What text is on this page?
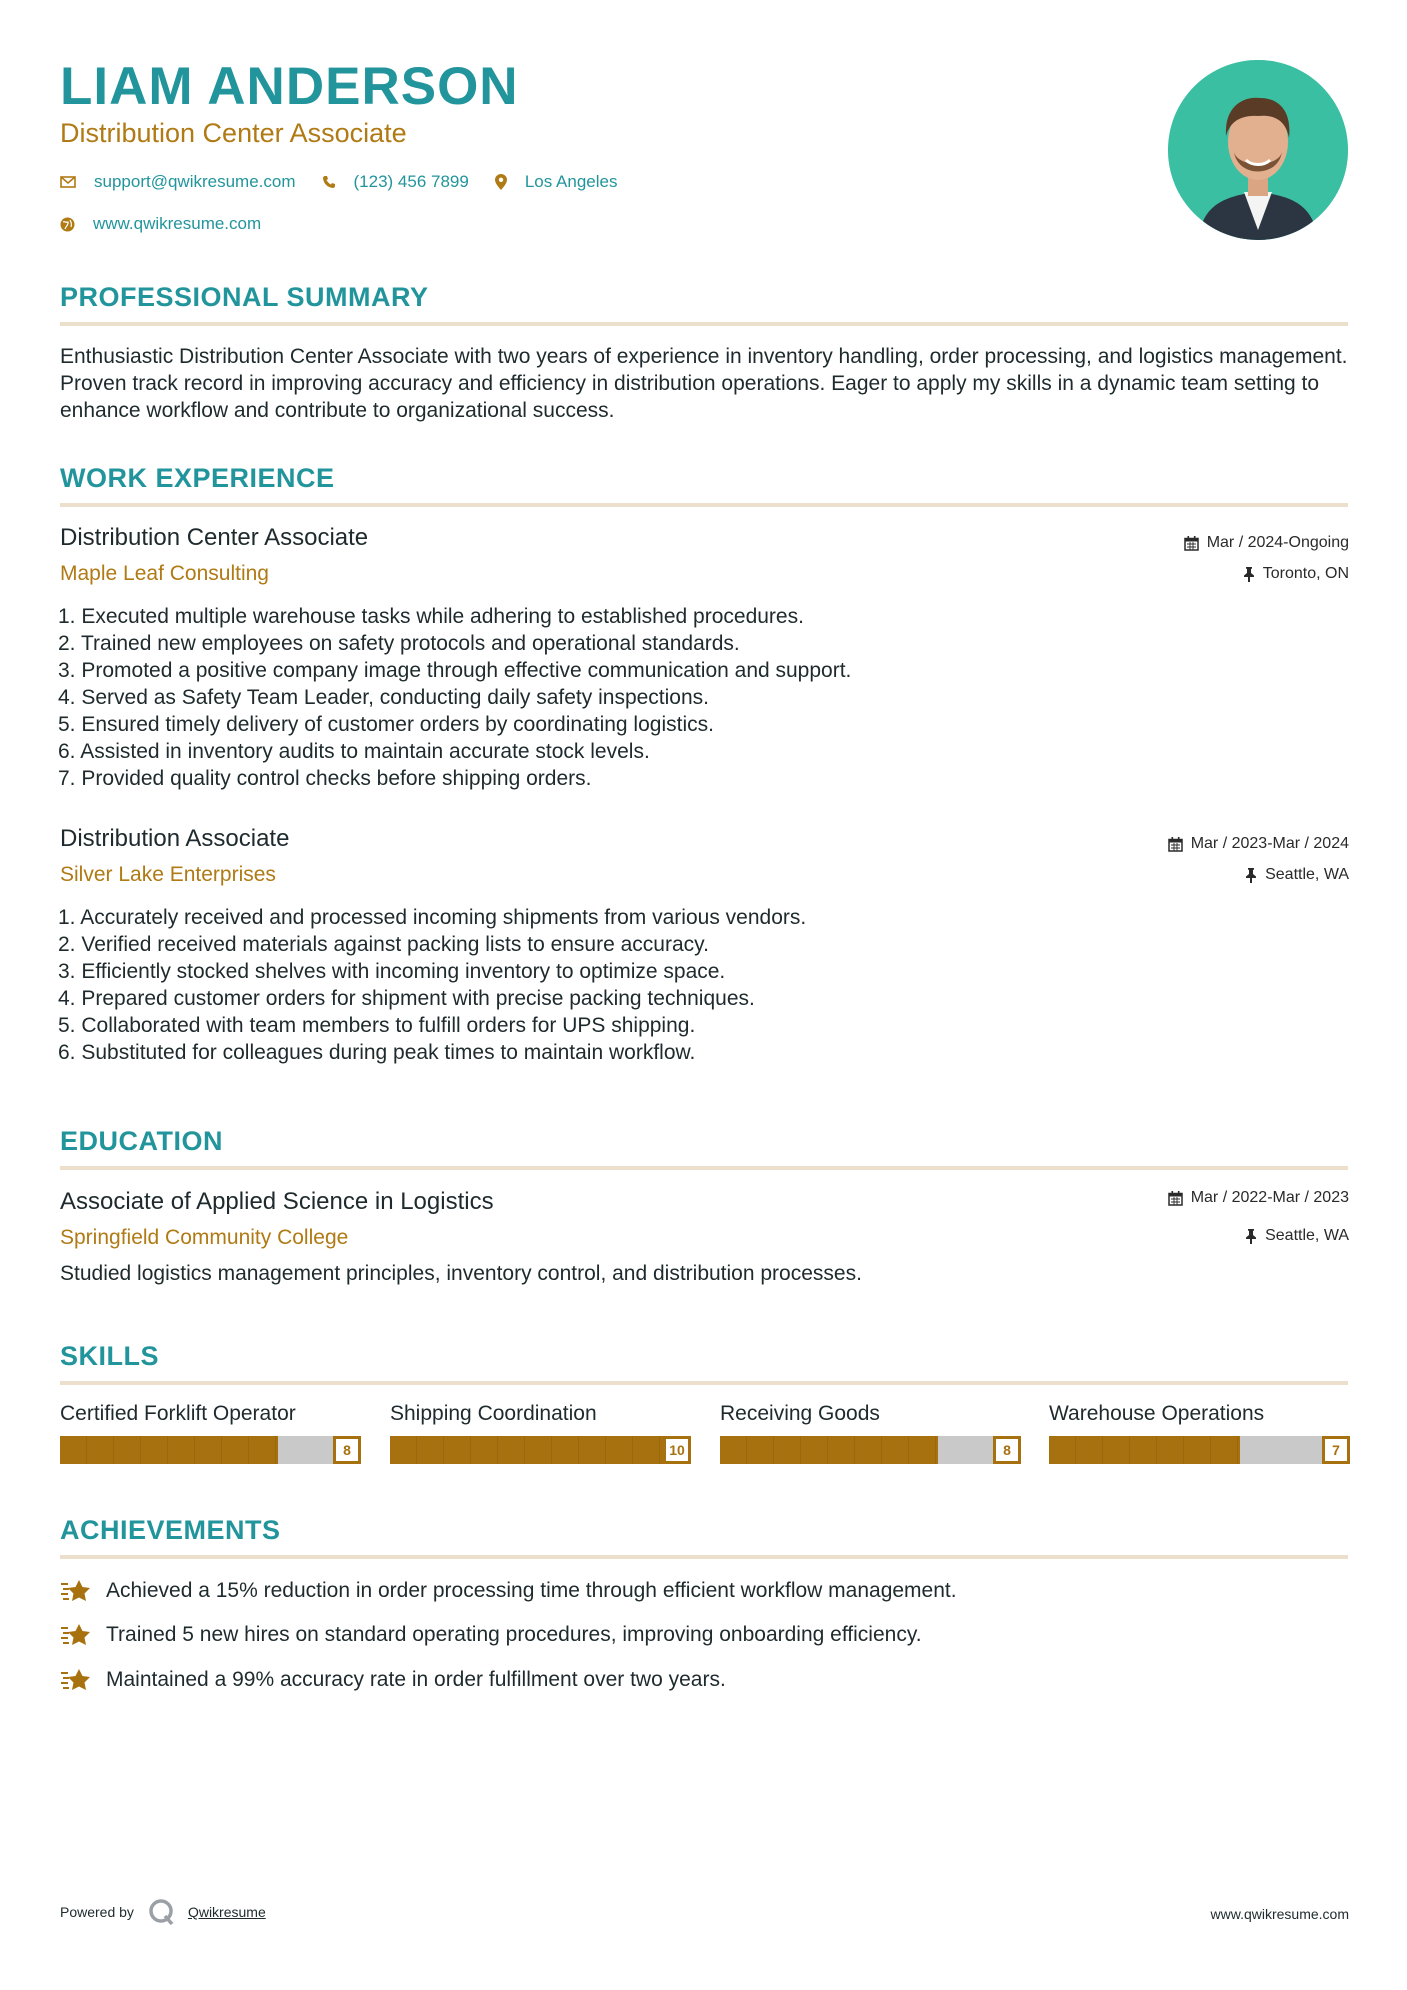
LIAM ANDERSON
Distribution Center Associate
support@qwikresume.com	(123) 456 7899	Los Angeles
www.qwikresume.com
PROFESSIONAL SUMMARY

Enthusiastic Distribution Center Associate with two years of experience in inventory handling, order processing, and logistics management. Proven track record in improving accuracy and efficiency in distribution operations. Eager to apply my skills in a dynamic team setting to enhance workflow and contribute to organizational success.

WORK EXPERIENCE

Distribution Center Associate

Maple Leaf Consulting

Mar / 2024-Ongoing
Toronto, ON
1. Executed multiple warehouse tasks while adhering to established procedures.
2. Trained new employees on safety protocols and operational standards.
3. Promoted a positive company image through effective communication and support.
4. Served as Safety Team Leader, conducting daily safety inspections.
5. Ensured timely delivery of customer orders by coordinating logistics.
6. Assisted in inventory audits to maintain accurate stock levels.
7. Provided quality control checks before shipping orders.

Distribution Associate

Silver Lake Enterprises

Mar / 2023-Mar / 2024
Seattle, WA
1. Accurately received and processed incoming shipments from various vendors.
2. Verified received materials against packing lists to ensure accuracy.
3. Efficiently stocked shelves with incoming inventory to optimize space.
4. Prepared customer orders for shipment with precise packing techniques.
5. Collaborated with team members to fulfill orders for UPS shipping.
6. Substituted for colleagues during peak times to maintain workflow.
EDUCATION

Associate of Applied Science in Logistics

Springfield Community College

Mar / 2022-Mar / 2023
Seattle, WA

Studied logistics management principles, inventory control, and distribution processes.

SKILLS

Certified Forklift Operator

8

Shipping Coordination

10

Receiving Goods

8

Warehouse Operations

7
ACHIEVEMENTS
Achieved a 15% reduction in order processing time through efficient workflow management.
Trained 5 new hires on standard operating procedures, improving onboarding efficiency.
Maintained a 99% accuracy rate in order fulfillment over two years.
Powered by	Qwikresume	www.qwikresume.com
